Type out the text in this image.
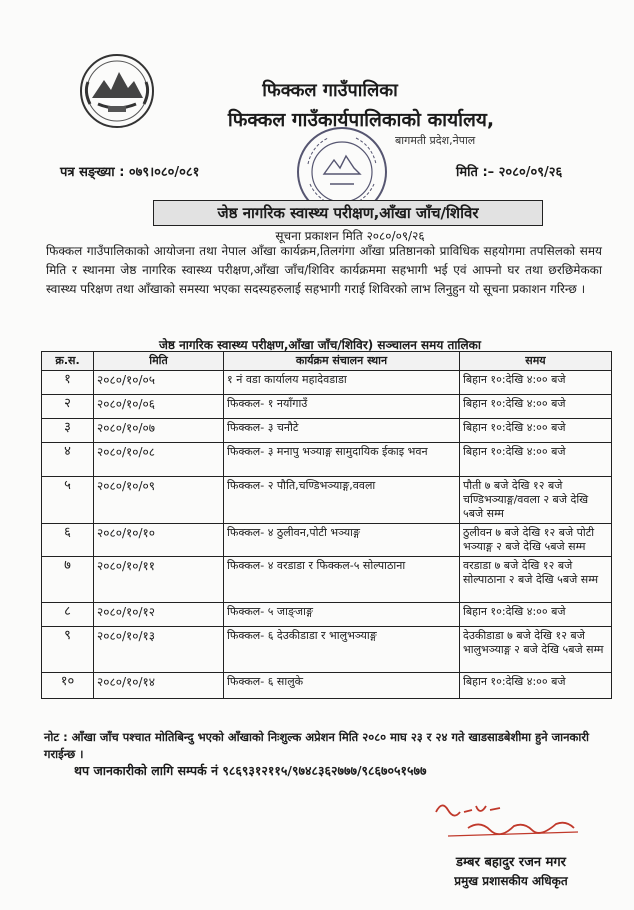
फिक्कल गाउँपालिका
फिक्कल गाउँकार्यपालिकाको कार्यालय,
बागमती प्रदेश,नेपाल
पत्र सङ्ख्या : ०७९।०८०/०८१	मिति :– २०८०/०९/२६
जेष्ठ नागरिक स्वास्थ्य परीक्षण,आँखा जाँच/शिविर
सूचना प्रकाशन मिति २०८०/०९/२६
फिक्कल गाउँपालिकाको आयोजना तथा नेपाल आँखा कार्यक्रम,तिलगंगा आँखा प्रतिष्ठानको प्राविधिक सहयोगमा तपसिलको समय मिति र स्थानमा जेष्ठ नागरिक स्वास्थ्य परीक्षण,आँखा जाँच/शिविर कार्यक्रममा सहभागी भई एवं आफ्नो घर तथा छरछिमेकका स्वास्थ्य परिक्षण तथा आँखाको समस्या भएका सदस्यहरुलाई सहभागी गराई शिविरको लाभ लिनुहुन यो सूचना प्रकाशन गरिन्छ ।
जेष्ठ नागरिक स्वास्थ्य परीक्षण,आँखा जाँच/शिविर) सञ्चालन समय तालिका
क्र.स.	मिति	कार्यक्रम संचालन स्थान	समय
१	२०८०/१०/०५	१ नं वडा कार्यालय महादेवडाडा	बिहान १०:देखि ४:०० बजे
२	२०८०/१०/०६	फिक्कल- १ नयाँगाउँ	बिहान १०:देखि ४:०० बजे
३	२०८०/१०/०७	फिक्कल- ३ चनौटे	बिहान १०:देखि ४:०० बजे
४	२०८०/१०/०८	फिक्कल- ३ मनापु भञ्याङ्ग सामुदायिक ईकाइ भवन	बिहान १०:देखि ४:०० बजे
५	२०८०/१०/०९	फिक्कल- २ पौति,चण्डिभञ्याङ्ग,ववला	पौती ७ बजे देखि १२ बजे चण्डिभञ्याङ्ग/ववला २ बजे देखि ५बजे सम्म
६	२०८०/१०/१०	फिक्कल- ४ ठुलीवन,पोटी भञ्याङ्ग	ठुलीवन ७ बजे देखि १२ बजे पोटी भञ्याङ्ग २ बजे देखि ५बजे सम्म
७	२०८०/१०/११	फिक्कल- ४ वरडाडा र फिक्कल-५ सोल्पाठाना	वरडाडा ७ बजे देखि १२ बजे सोल्पाठाना २ बजे देखि ५बजे सम्म
८	२०८०/१०/१२	फिक्कल- ५ जाङ्जाङ्ग	बिहान १०:देखि ४:०० बजे
९	२०८०/१०/१३	फिक्कल- ६ देउकीडाडा र भालुभञ्याङ्ग	देउकीडाडा ७ बजे देखि १२ बजे भालुभञ्याङ्ग २ बजे देखि ५बजे सम्म
१०	२०८०/१०/१४	फिक्कल- ६ सालुके	बिहान १०:देखि ४:०० बजे
नोट : आँखा जाँच पश्चात मोतिबिन्दु भएको आँखाको निःशुल्क अप्रेशन मिति २०८० माघ २३ र २४ गते खाडसाडबेशीमा हुने जानकारी गराईन्छ ।
थप जानकारीको लागि सम्पर्क नं ९८६९३१२११५/९७४८३६२७७७/९८६७०५१५७७
डम्बर बहादुर रजन मगर
प्रमुख प्रशासकीय अधिकृत
